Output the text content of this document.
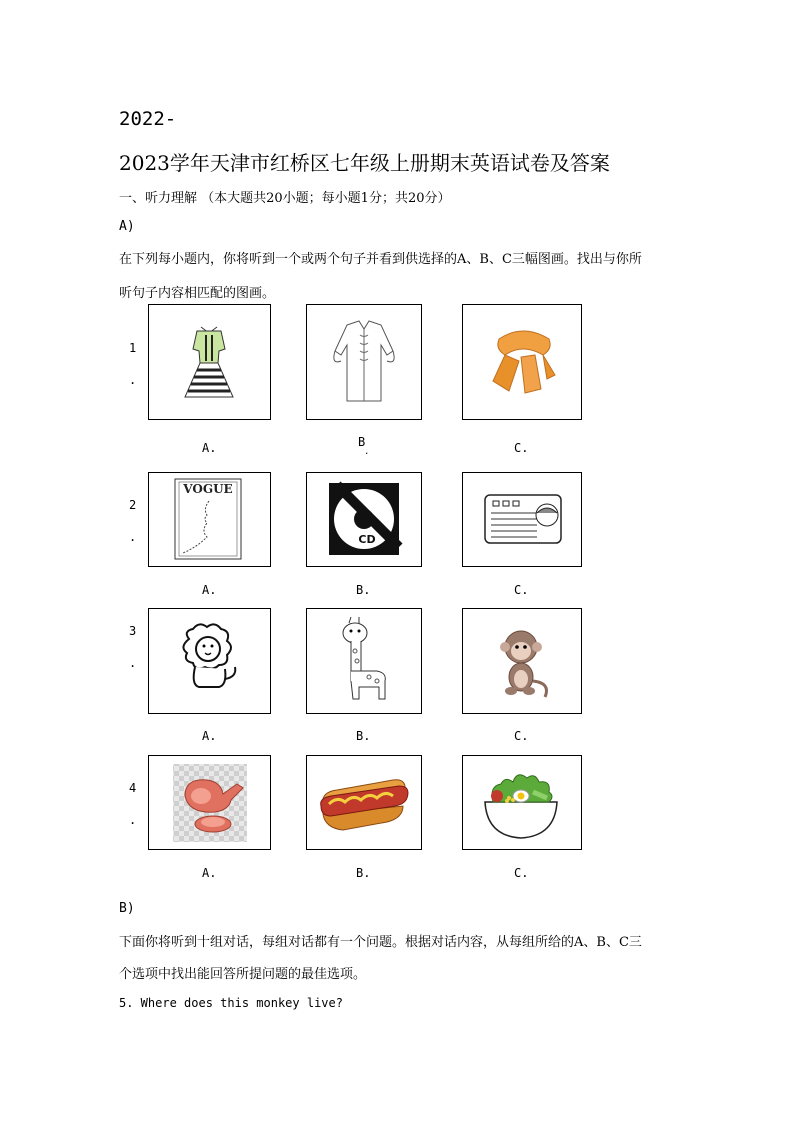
2022-
2023学年天津市红桥区七年级上册期末英语试卷及答案
一、听力理解 （本大题共20小题；每小题1分；共20分）
A)
在下列每小题内，你将听到一个或两个句子并看到供选择的A、B、C三幅图画。找出与你所
听句子内容相匹配的图画。
1
.
A.	B
.	C.
2
.
VOGUE
A.
CD
B.	C.
3
.
A.	B.	C.
4
.
A.	B.	C.
B)
下面你将听到十组对话，每组对话都有一个问题。根据对话内容，从每组所给的A、B、C三
个选项中找出能回答所提问题的最佳选项。
5. Where does this monkey live?
